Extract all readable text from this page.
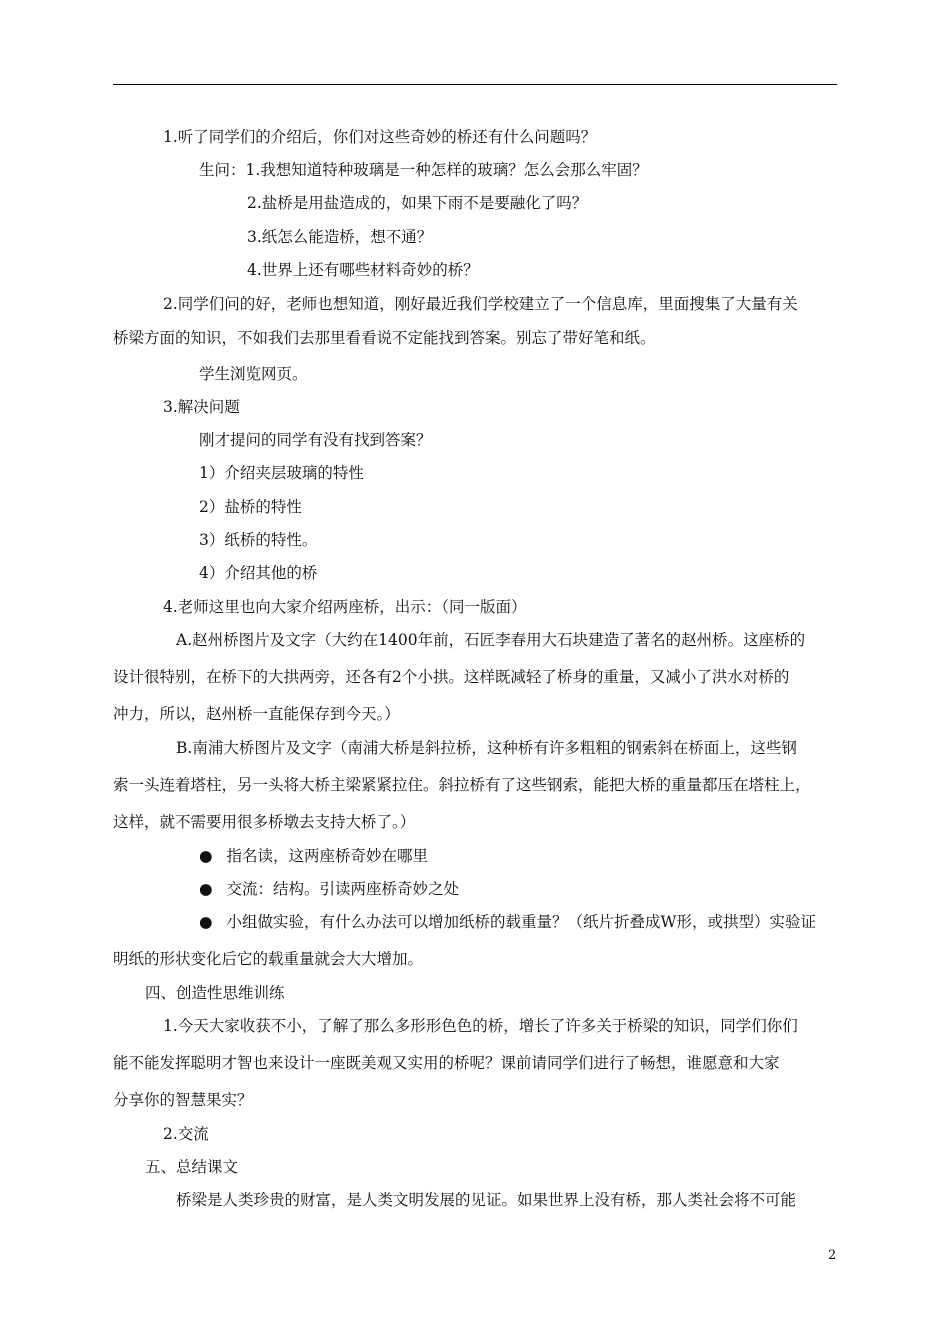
1.听了同学们的介绍后，你们对这些奇妙的桥还有什么问题吗？
生问：1.我想知道特种玻璃是一种怎样的玻璃？怎么会那么牢固？
2.盐桥是用盐造成的，如果下雨不是要融化了吗？
3.纸怎么能造桥，想不通？
4.世界上还有哪些材料奇妙的桥？
2.同学们问的好，老师也想知道，刚好最近我们学校建立了一个信息库，里面搜集了大量有关
桥梁方面的知识，不如我们去那里看看说不定能找到答案。别忘了带好笔和纸。
学生浏览网页。
3.解决问题
刚才提问的同学有没有找到答案？
1）介绍夹层玻璃的特性
2）盐桥的特性
3）纸桥的特性。
4）介绍其他的桥
4.老师这里也向大家介绍两座桥，出示：（同一版面）
A.赵州桥图片及文字（大约在1400年前，石匠李春用大石块建造了著名的赵州桥。这座桥的
设计很特别，在桥下的大拱两旁，还各有2个小拱。这样既减轻了桥身的重量，又减小了洪水对桥的
冲力，所以，赵州桥一直能保存到今天。）
B.南浦大桥图片及文字（南浦大桥是斜拉桥，这种桥有许多粗粗的钢索斜在桥面上，这些钢
索一头连着塔柱，另一头将大桥主梁紧紧拉住。斜拉桥有了这些钢索，能把大桥的重量都压在塔柱上，
这样，就不需要用很多桥墩去支持大桥了。）
● 指名读，这两座桥奇妙在哪里
● 交流：结构。引读两座桥奇妙之处
● 小组做实验，有什么办法可以增加纸桥的载重量？（纸片折叠成W形，或拱型）实验证
明纸的形状变化后它的载重量就会大大增加。
四、创造性思维训练
1.今天大家收获不小，了解了那么多形形色色的桥，增长了许多关于桥梁的知识，同学们你们
能不能发挥聪明才智也来设计一座既美观又实用的桥呢？课前请同学们进行了畅想，谁愿意和大家
分享你的智慧果实？
2.交流
五、总结课文
桥梁是人类珍贵的财富，是人类文明发展的见证。如果世界上没有桥，那人类社会将不可能
2
